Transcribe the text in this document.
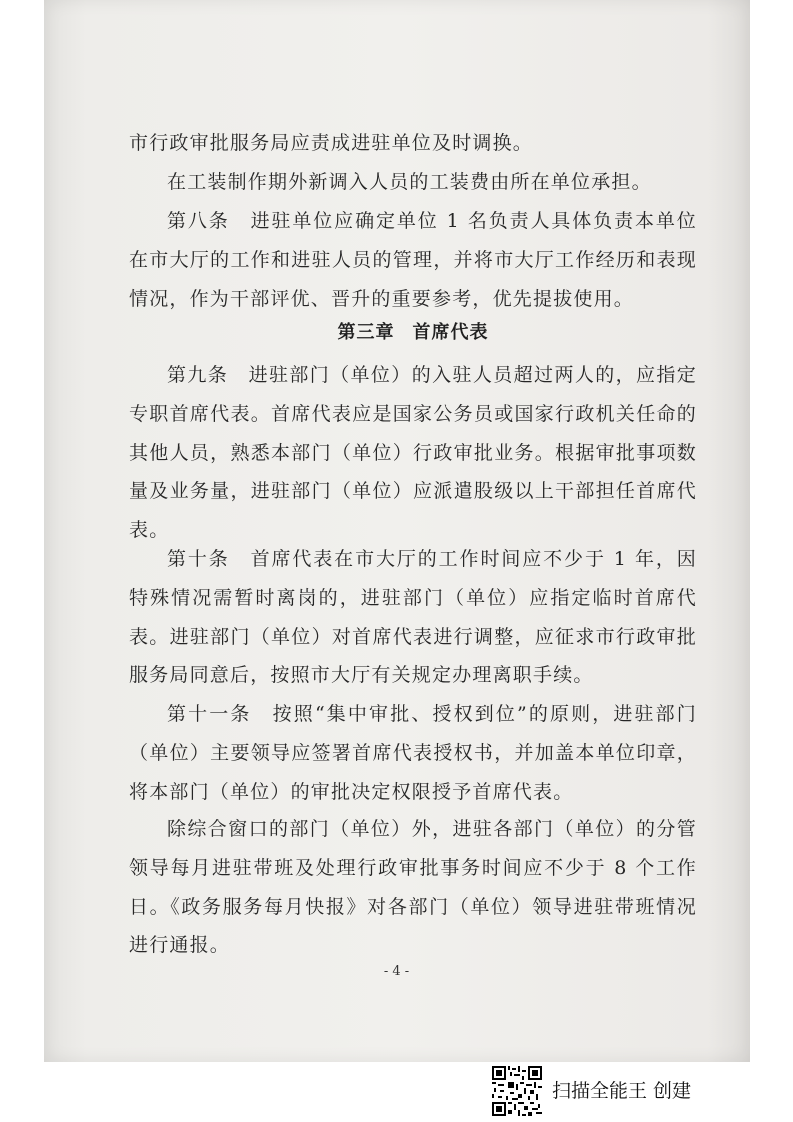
市行政审批服务局应责成进驻单位及时调换。

在工装制作期外新调入人员的工装费由所在单位承担。

第八条　进驻单位应确定单位 1 名负责人具体负责本单位在市大厅的工作和进驻人员的管理，并将市大厅工作经历和表现情况，作为干部评优、晋升的重要参考，优先提拔使用。

第三章 首席代表

第九条　进驻部门（单位）的入驻人员超过两人的，应指定专职首席代表。首席代表应是国家公务员或国家行政机关任命的其他人员，熟悉本部门（单位）行政审批业务。根据审批事项数量及业务量，进驻部门（单位）应派遣股级以上干部担任首席代表。

第十条　首席代表在市大厅的工作时间应不少于 1 年，因特殊情况需暂时离岗的，进驻部门（单位）应指定临时首席代表。进驻部门（单位）对首席代表进行调整，应征求市行政审批服务局同意后，按照市大厅有关规定办理离职手续。

第十一条　按照“集中审批、授权到位”的原则，进驻部门（单位）主要领导应签署首席代表授权书，并加盖本单位印章，将本部门（单位）的审批决定权限授予首席代表。

除综合窗口的部门（单位）外，进驻各部门（单位）的分管领导每月进驻带班及处理行政审批事务时间应不少于 8 个工作日。《政务服务每月快报》对各部门（单位）领导进驻带班情况进行通报。

- 4 -
扫描全能王 创建
